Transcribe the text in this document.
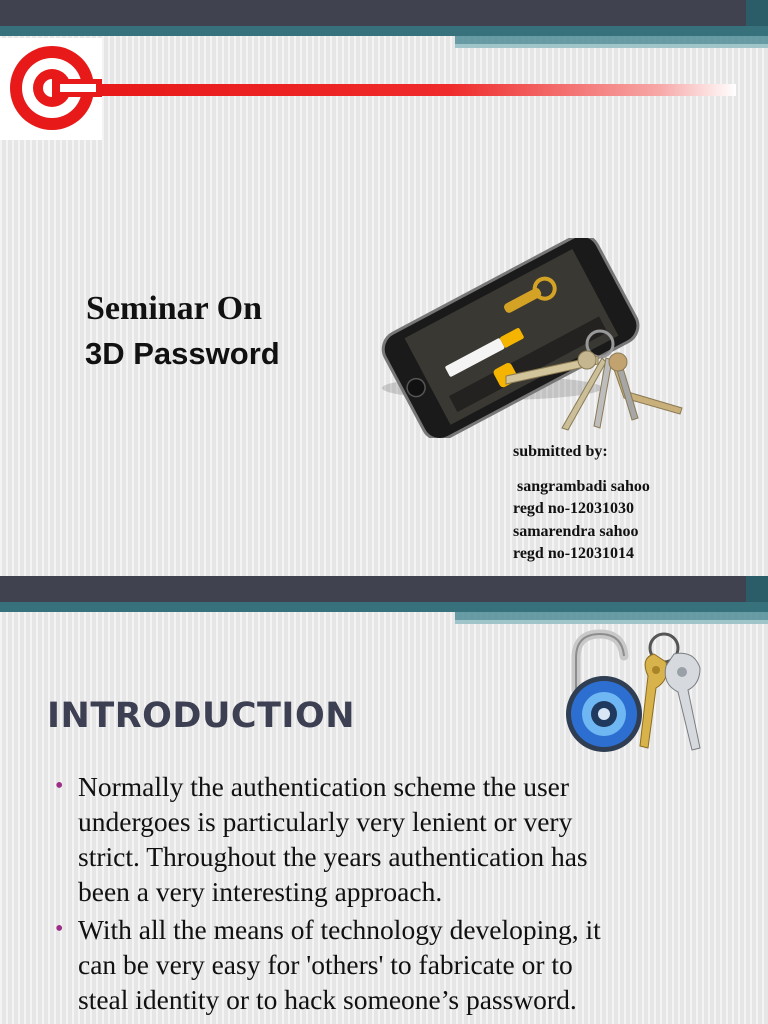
Seminar On
3D Password
submitted by:
sangrambadi sahoo
regd no-12031030
samarendra sahoo
regd no-12031014
INTRODUCTION
• Normally the authentication scheme the user
undergoes is particularly very lenient or very
strict. Throughout the years authentication has
been a very interesting approach.
• With all the means of technology developing, it
can be very easy for 'others' to fabricate or to
steal identity or to hack someone’s password.
